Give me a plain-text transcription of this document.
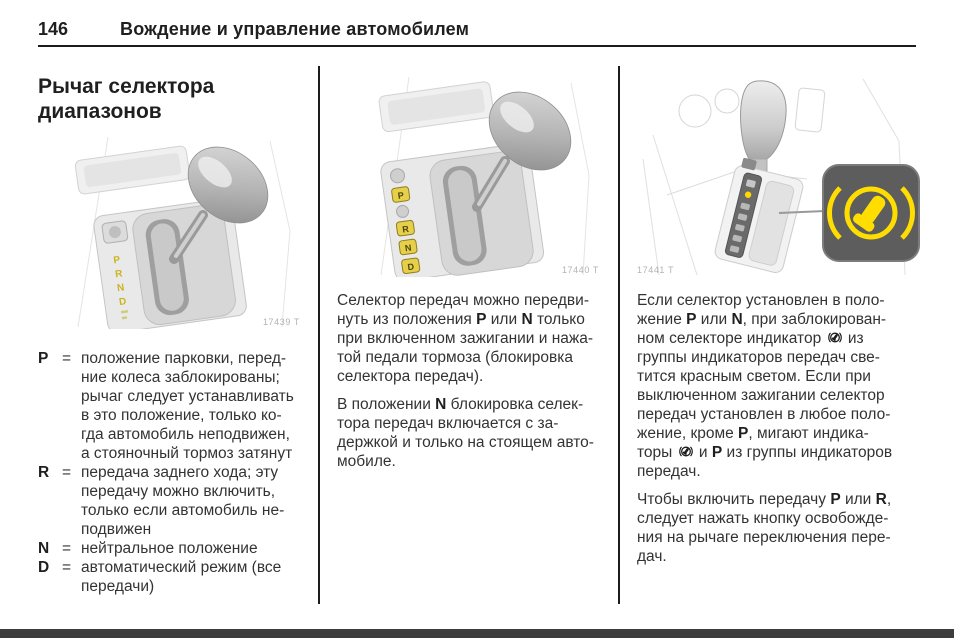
146	Вождение и управление автомобилем
Рычаг селектора
диапазонов
P
R
N
D
17439 T
P = положение парковки, перед-
ние колеса заблокированы;
рычаг следует устанавливать
в это положение, только ко-
гда автомобиль неподвижен,
а стояночный тормоз затянут
R = передача заднего хода; эту
передачу можно включить,
только если автомобиль не-
подвижен
N = нейтральное положение
D = автоматический режим (все
передачи)
P
R
N
D	17440 T

Селектор передач можно передви-
нуть из положения P или N только
при включенном зажигании и нажа-
той педали тормоза (блокировка
селектора передач).

В положении N блокировка селек-
тора передач включается с за-
держкой и только на стоящем авто-
мобиле.

17441 T

Если селектор установлен в поло-
жение P или N, при заблокирован-
ном селекторе индикатор  из
группы индикаторов передач све-
тится красным светом. Если при
выключенном зажигании селектор
передач установлен в любое поло-
жение, кроме P, мигают индика-
торы  и P из группы индикаторов
передач.

Чтобы включить передачу P или R,
следует нажать кнопку освобожде-
ния на рычаге переключения пере-
дач.
